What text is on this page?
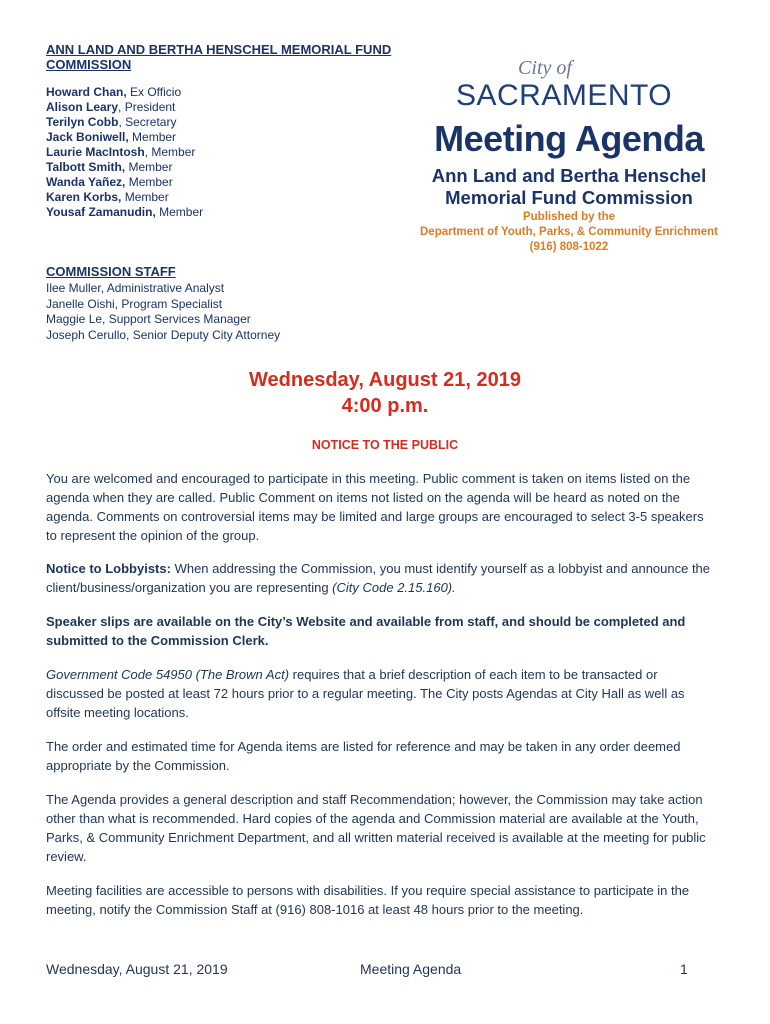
ANN LAND AND BERTHA HENSCHEL MEMORIAL FUND COMMISSION
Howard Chan, Ex Officio
Alison Leary, President
Terilyn Cobb, Secretary
Jack Boniwell, Member
Laurie MacIntosh, Member
Talbott Smith, Member
Wanda Yañez, Member
Karen Korbs, Member
Yousaf Zamanudin, Member
COMMISSION STAFF
Ilee Muller, Administrative Analyst
Janelle Oishi, Program Specialist
Maggie Le, Support Services Manager
Joseph Cerullo, Senior Deputy City Attorney
City of
SACRAMENTO
Meeting Agenda
Ann Land and Bertha Henschel
Memorial Fund Commission
Published by the
Department of Youth, Parks, & Community Enrichment
(916) 808-1022
Wednesday, August 21, 2019
4:00 p.m.
NOTICE TO THE PUBLIC
You are welcomed and encouraged to participate in this meeting. Public comment is taken on items listed on the agenda when they are called. Public Comment on items not listed on the agenda will be heard as noted on the agenda. Comments on controversial items may be limited and large groups are encouraged to select 3-5 speakers to represent the opinion of the group.
Notice to Lobbyists: When addressing the Commission, you must identify yourself as a lobbyist and announce the client/business/organization you are representing (City Code 2.15.160).
Speaker slips are available on the City’s Website and available from staff, and should be completed and submitted to the Commission Clerk.
Government Code 54950 (The Brown Act) requires that a brief description of each item to be transacted or discussed be posted at least 72 hours prior to a regular meeting. The City posts Agendas at City Hall as well as offsite meeting locations.
The order and estimated time for Agenda items are listed for reference and may be taken in any order deemed appropriate by the Commission.
The Agenda provides a general description and staff Recommendation; however, the Commission may take action other than what is recommended. Hard copies of the agenda and Commission material are available at the Youth, Parks, & Community Enrichment Department, and all written material received is available at the meeting for public review.
Meeting facilities are accessible to persons with disabilities. If you require special assistance to participate in the meeting, notify the Commission Staff at (916) 808-1016 at least 48 hours prior to the meeting.
Wednesday, August 21, 2019	Meeting Agenda	1
